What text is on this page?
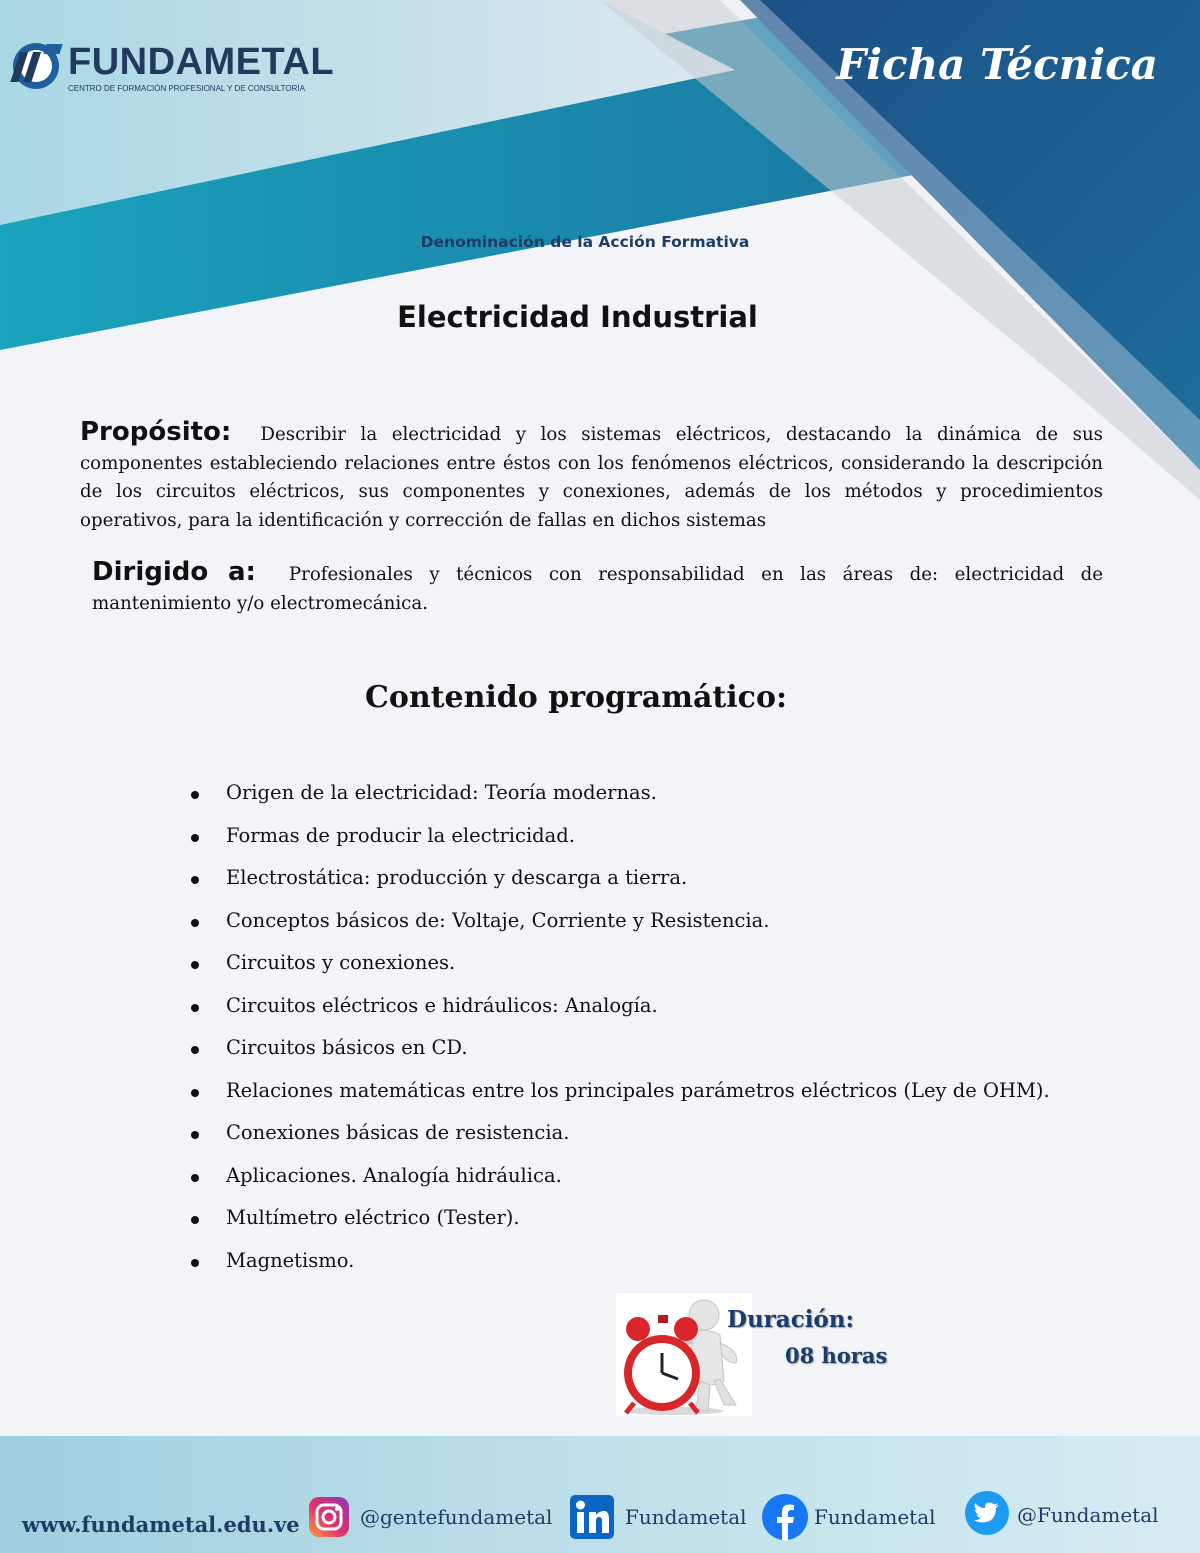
FUNDAMETAL
CENTRO DE FORMACIÓN PROFESIONAL Y DE CONSULTORÍA	Ficha Técnica
Denominación de la Acción Formativa
Electricidad Industrial
Propósito: Describir la electricidad y los sistemas eléctricos, destacando la dinámica de sus componentes estableciendo relaciones entre éstos con los fenómenos eléctricos, considerando la descripción de los circuitos eléctricos, sus componentes y conexiones, además de los métodos y procedimientos operativos, para la identificación y corrección de fallas en dichos sistemas
Dirigido a: Profesionales y técnicos con responsabilidad en las áreas de: electricidad de mantenimiento y/o electromecánica.
Contenido programático:
Origen de la electricidad: Teoría modernas.
Formas de producir la electricidad.
Electrostática: producción y descarga a tierra.
Conceptos básicos de: Voltaje, Corriente y Resistencia.
Circuitos y conexiones.
Circuitos eléctricos e hidráulicos: Analogía.
Circuitos básicos en CD.
Relaciones matemáticas entre los principales parámetros eléctricos (Ley de OHM).
Conexiones básicas de resistencia.
Aplicaciones. Analogía hidráulica.
Multímetro eléctrico (Tester).
Magnetismo.
Duración:
08 horas
www.fundametal.edu.ve	@gentefundametal	Fundametal	Fundametal	@Fundametal
